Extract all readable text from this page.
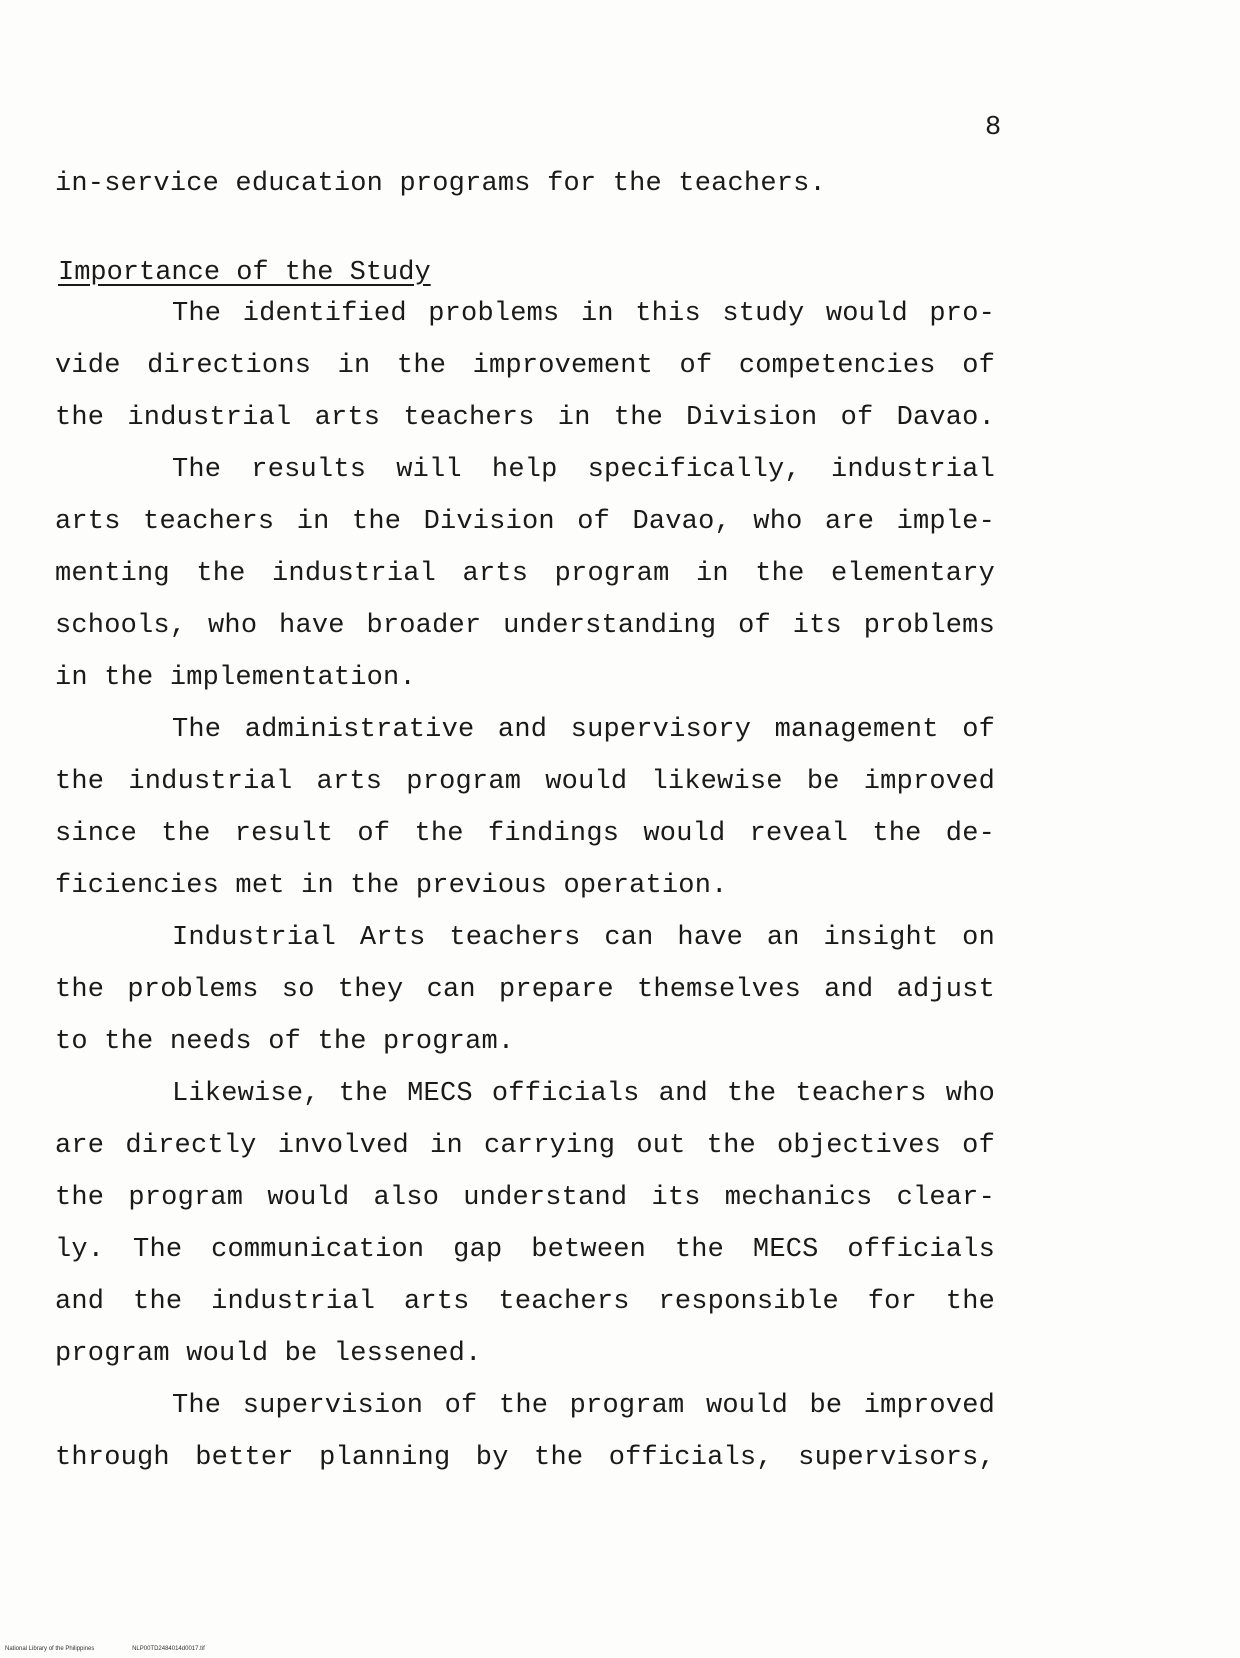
8
in-service education programs for the teachers.
Importance of the Study
The identified problems in this study would pro-
vide directions in the improvement of competencies of
the industrial arts teachers in the Division of Davao.
The results will help specifically, industrial
arts teachers in the Division of Davao, who are imple-
menting the industrial arts program in the elementary
schools, who have broader understanding of its problems
in the implementation.
The administrative and supervisory management of
the industrial arts program would likewise be improved
since the result of the findings would reveal the de-
ficiencies met in the previous operation.
Industrial Arts teachers can have an insight on
the problems so they can prepare themselves and adjust
to the needs of the program.
Likewise, the MECS officials and the teachers who
are directly involved in carrying out the objectives of
the program would also understand its mechanics clear-
ly. The communication gap between the MECS officials
and the industrial arts teachers responsible for the
program would be lessened.
The supervision of the program would be improved
through better planning by the officials, supervisors,
National Library of the Philippines	NLP00TD2484014d0017.tif
